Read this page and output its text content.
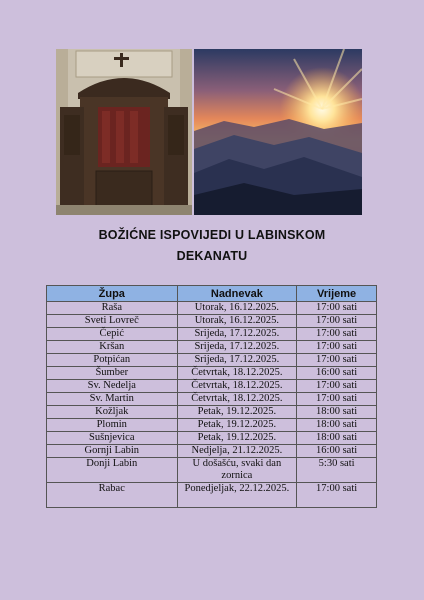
BOŽIĆNE ISPOVIJEDI U LABINSKOM
DEKANATU
Župa	Nadnevak	Vrijeme
Raša	Utorak, 16.12.2025.	17:00 sati
Sveti Lovreč	Utorak, 16.12.2025.	17:00 sati
Čepić	Srijeda, 17.12.2025.	17:00 sati
Kršan	Srijeda, 17.12.2025.	17:00 sati
Potpićan	Srijeda, 17.12.2025.	17:00 sati
Šumber	Četvrtak, 18.12.2025.	16:00 sati
Sv. Nedelja	Četvrtak, 18.12.2025.	17:00 sati
Sv. Martin	Četvrtak, 18.12.2025.	17:00 sati
Kožljak	Petak, 19.12.2025.	18:00 sati
Plomin	Petak, 19.12.2025.	18:00 sati
Sušnjevica	Petak, 19.12.2025.	18:00 sati
Gornji Labin	Nedjelja, 21.12.2025.	16:00 sati
Donji Labin	U došašću, svaki dan zornica	5:30 sati
Rabac	Ponedjeljak, 22.12.2025.	17:00 sati
